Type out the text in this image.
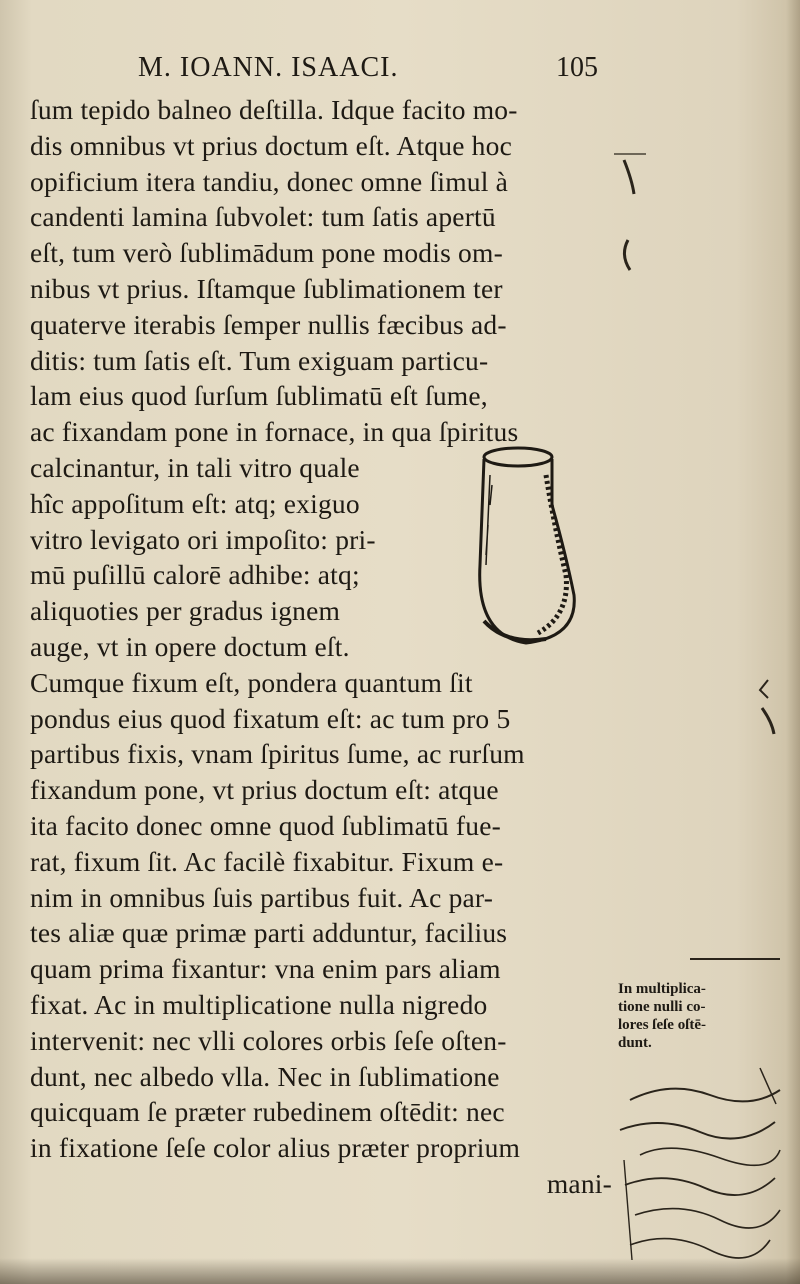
M. IOANN. ISAACI.	105
ſum tepido balneo deſtilla. Idque facito mo-
dis omnibus vt prius doctum eſt. Atque hoc
opificium itera tandiu, donec omne ſimul à
candenti lamina ſubvolet: tum ſatis apertū
eſt, tum verò ſublimādum pone modis om-
nibus vt prius. Iſtamque ſublimationem ter
quaterve iterabis ſemper nullis fæcibus ad-
ditis: tum ſatis eſt. Tum exiguam particu-
lam eius quod ſurſum ſublimatū eſt ſume,
ac fixandam pone in fornace, in qua ſpiritus
calcinantur, in tali vitro quale
hîc appoſitum eſt: atq; exiguo
vitro levigato ori impoſito: pri-
mū puſillū calorē adhibe: atq;
aliquoties per gradus ignem
auge, vt in opere doctum eſt.
Cumque fixum eſt, pondera quantum ſit
pondus eius quod fixatum eſt: ac tum pro 5
partibus fixis, vnam ſpiritus ſume, ac rurſum
fixandum pone, vt prius doctum eſt: atque
ita facito donec omne quod ſublimatū fue-
rat, fixum ſit. Ac facilè fixabitur. Fixum e-
nim in omnibus ſuis partibus fuit. Ac par-
tes aliæ quæ primæ parti adduntur, facilius
quam prima fixantur: vna enim pars aliam
fixat. Ac in multiplicatione nulla nigredo
intervenit: nec vlli colores orbis ſeſe oſten-
dunt, nec albedo vlla. Nec in ſublimatione
quicquam ſe præter rubedinem oſtēdit: nec
in fixatione ſeſe color alius præter proprium
mani-
In multiplica-
tione nulli co-
lores ſeſe oſtē-
dunt.
